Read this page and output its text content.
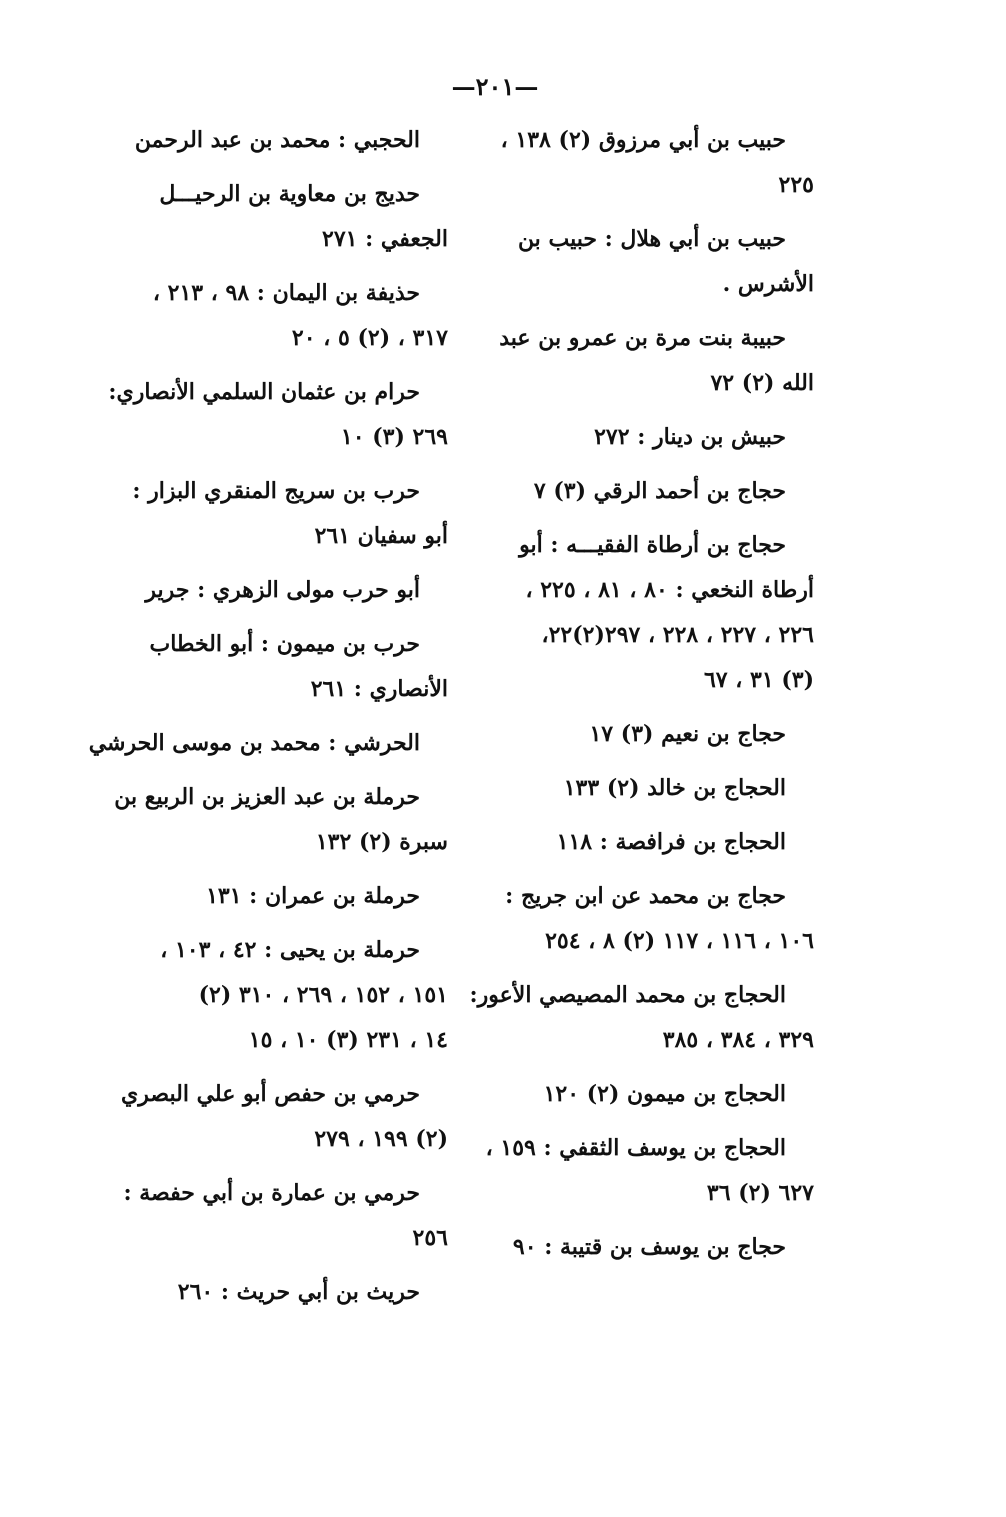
—٢٠١—
حبيب بن أبي مرزوق (٢) ١٣٨ ،
٢٢٥
حبيب بن أبي هلال : حبيب بن
الأشرس .
حبيبة بنت مرة بن عمرو بن عبد
الله (٢) ٧٢
حبيش بن دينار : ٢٧٢
حجاج بن أحمد الرقي (٣) ٧
حجاج بن أرطاة الفقيـــه : أبو
أرطاة النخعي : ٨٠ ، ٨١ ، ٢٢٥ ،
٢٢٦ ، ٢٢٧ ، ٢٢٨ ، ٢٩٧(٢)٢٢،
(٣) ٣١ ، ٦٧
حجاج بن نعيم (٣) ١٧
الحجاج بن خالد (٢) ١٣٣
الحجاج بن فرافصة : ١١٨
حجاج بن محمد عن ابن جريج :
١٠٦ ، ١١٦ ، ١١٧ (٢) ٨ ، ٢٥٤
الحجاج بن محمد المصيصي الأعور:
٣٢٩ ، ٣٨٤ ، ٣٨٥
الحجاج بن ميمون (٢) ١٢٠
الحجاج بن يوسف الثقفي : ١٥٩ ،
٦٢٧ (٢) ٣٦
حجاج بن يوسف بن قتيبة : ٩٠
الحجبي : محمد بن عبد الرحمن
حديج بن معاوية بن الرحيـــل
الجعفي : ٢٧١
حذيفة بن اليمان : ٩٨ ، ٢١٣ ،
٣١٧ ، (٢) ٥ ، ٢٠
حرام بن عثمان السلمي الأنصاري:
٢٦٩ (٣) ١٠
حرب بن سريج المنقري البزار :
أبو سفيان ٢٦١
أبو حرب مولى الزهري : جرير
حرب بن ميمون : أبو الخطاب
الأنصاري : ٢٦١
الحرشي : محمد بن موسى الحرشي
حرملة بن عبد العزيز بن الربيع بن
سبرة (٢) ١٣٢
حرملة بن عمران : ١٣١
حرملة بن يحيى : ٤٢ ، ١٠٣ ،
١٥١ ، ١٥٢ ، ٢٦٩ ، ٣١٠ (٢)
١٤ ، ٢٣١ (٣) ١٠ ، ١٥
حرمي بن حفص أبو علي البصري
(٢) ١٩٩ ، ٢٧٩
حرمي بن عمارة بن أبي حفصة :
٢٥٦
حريث بن أبي حريث : ٢٦٠
